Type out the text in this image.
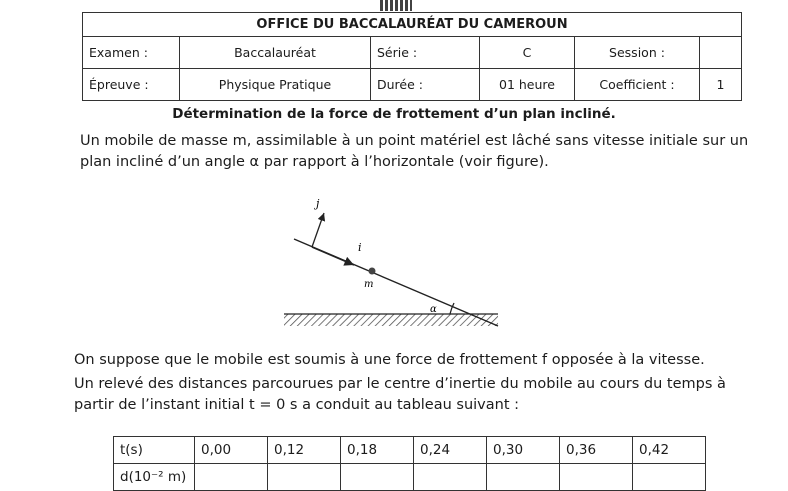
OFFICE DU BACCALAURÉAT DU CAMEROUN					
Examen :	Baccalauréat	Série :	C	Session :	
Épreuve :	Physique Pratique	Durée :	01 heure	Coefficient :	1
Détermination de la force de frottement d’un plan incliné.
Un mobile de masse m, assimilable à un point matériel est lâché sans vitesse initiale sur un
plan incliné d’un angle α par rapport à l’horizontale (voir figure).
j
i
m
α
On suppose que le mobile est soumis à une force de frottement f opposée à la vitesse.
Un relevé des distances parcourues par le centre d’inertie du mobile au cours du temps à
partir de l’instant initial t = 0 s a conduit au tableau suivant :
t(s)	0,00	0,12	0,18	0,24	0,30	0,36	0,42
d(10⁻² m)							
